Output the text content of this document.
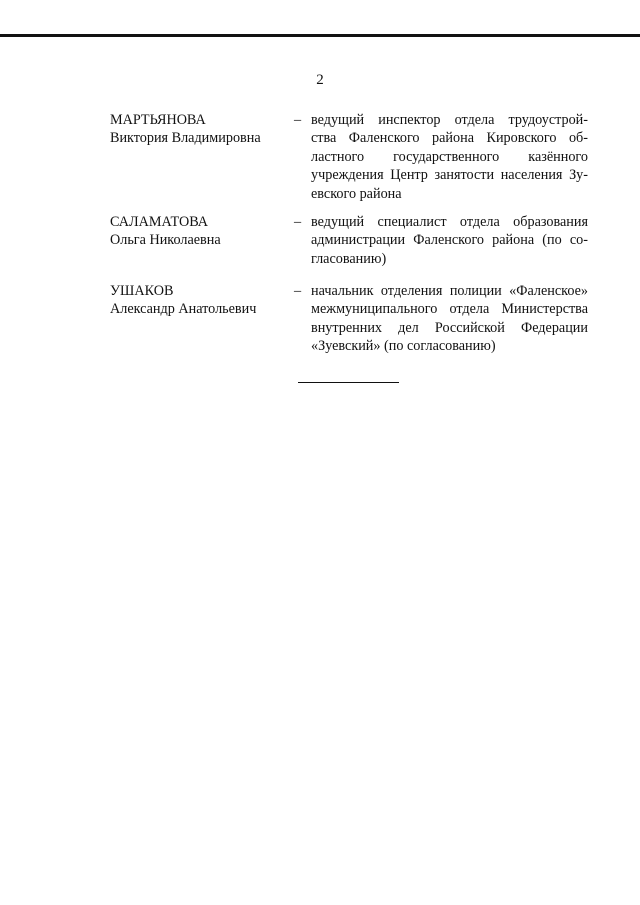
2
МАРТЬЯНОВА
Виктория Владимировна
– ведущий инспектор отдела трудоустрой-
ства Фаленского района Кировского об-
ластного государственного казённого
учреждения Центр занятости населения Зу-
евского района
САЛАМАТОВА
Ольга Николаевна
– ведущий специалист отдела образования
администрации Фаленского района (по со-
гласованию)
УШАКОВ
Александр Анатольевич
– начальник отделения полиции «Фаленское»
межмуниципального отдела Министерства
внутренних дел Российской Федерации
«Зуевский» (по согласованию)
